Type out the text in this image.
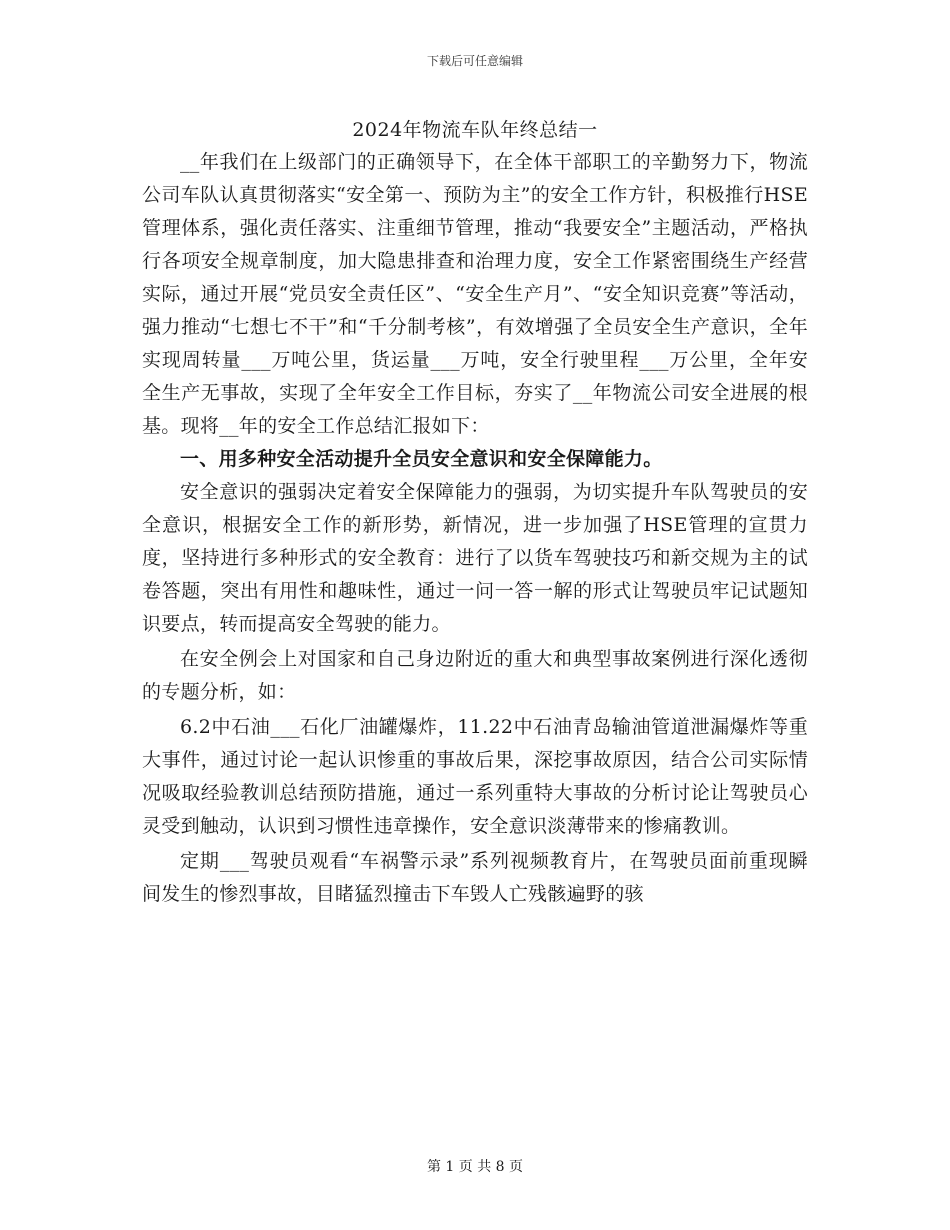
下载后可任意编辑
2024年物流车队年终总结一

__年我们在上级部门的正确领导下，在全体干部职工的辛勤努力下，物流公司车队认真贯彻落实“安全第一、预防为主”的安全工作方针，积极推行HSE管理体系，强化责任落实、注重细节管理，推动“我要安全”主题活动，严格执行各项安全规章制度，加大隐患排查和治理力度，安全工作紧密围绕生产经营实际，通过开展“党员安全责任区”、“安全生产月”、“安全知识竞赛”等活动，强力推动“七想七不干”和“千分制考核”，有效增强了全员安全生产意识，全年实现周转量___万吨公里，货运量___万吨，安全行驶里程___万公里，全年安全生产无事故，实现了全年安全工作目标，夯实了__年物流公司安全进展的根基。现将__年的安全工作总结汇报如下：

一、用多种安全活动提升全员安全意识和安全保障能力。

安全意识的强弱决定着安全保障能力的强弱，为切实提升车队驾驶员的安全意识，根据安全工作的新形势，新情况，进一步加强了HSE管理的宣贯力度，坚持进行多种形式的安全教育：进行了以货车驾驶技巧和新交规为主的试卷答题，突出有用性和趣味性，通过一问一答一解的形式让驾驶员牢记试题知识要点，转而提高安全驾驶的能力。

在安全例会上对国家和自己身边附近的重大和典型事故案例进行深化透彻的专题分析，如：

6.2中石油___石化厂油罐爆炸，11.22中石油青岛输油管道泄漏爆炸等重大事件，通过讨论一起认识惨重的事故后果，深挖事故原因，结合公司实际情况吸取经验教训总结预防措施，通过一系列重特大事故的分析讨论让驾驶员心灵受到触动，认识到习惯性违章操作，安全意识淡薄带来的惨痛教训。

定期___驾驶员观看“车祸警示录”系列视频教育片，在驾驶员面前重现瞬间发生的惨烈事故，目睹猛烈撞击下车毁人亡残骸遍野的骇

第 1 页 共 8 页
